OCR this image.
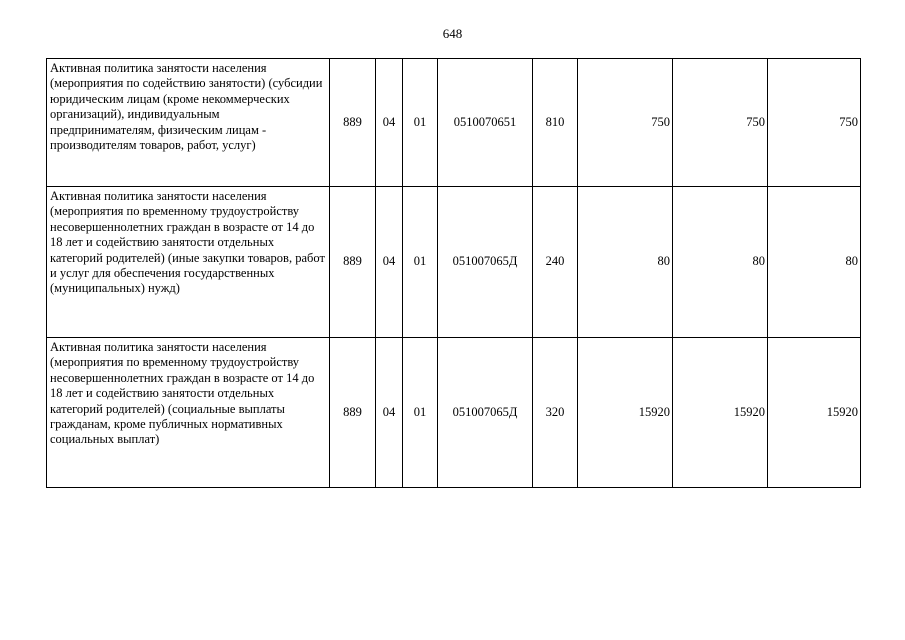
648
Активная политика занятости населения (мероприятия по содействию занятости) (субсидии юридическим лицам (кроме некоммерческих организаций), индивидуальным предпринимателям, физическим лицам - производителям товаров, работ, услуг)	889	04	01	0510070651	810	750	750	750
Активная политика занятости населения (мероприятия по временному трудоустройству несовершеннолетних граждан в возрасте от 14 до 18 лет и содействию занятости отдельных категорий родителей) (иные закупки товаров, работ и услуг для обеспечения государственных (муниципальных) нужд)	889	04	01	051007065Д	240	80	80	80
Активная политика занятости населения (мероприятия по временному трудоустройству несовершеннолетних граждан в возрасте от 14 до 18 лет и содействию занятости отдельных категорий родителей) (социальные выплаты гражданам, кроме публичных нормативных социальных выплат)	889	04	01	051007065Д	320	15920	15920	15920
